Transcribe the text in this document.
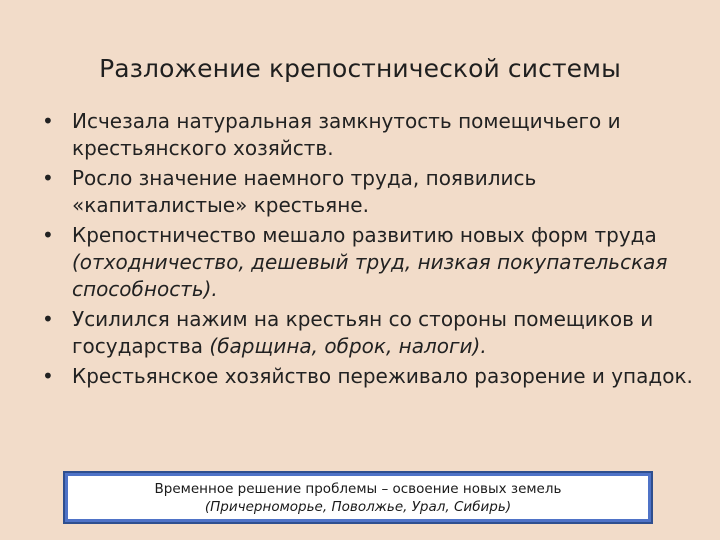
Разложение крепостнической системы
• Исчезала натуральная замкнутость помещичьего и крестьянского хозяйств.
• Росло значение наемного труда, появились «капиталистые» крестьяне.
• Крепостничество мешало развитию новых форм труда (отходничество, дешевый труд, низкая покупательская способность).
• Усилился нажим на крестьян со стороны помещиков и государства (барщина, оброк, налоги).
• Крестьянское хозяйство переживало разорение и упадок.
Временное решение проблемы – освоение новых земель
(Причерноморье, Поволжье, Урал, Сибирь)
